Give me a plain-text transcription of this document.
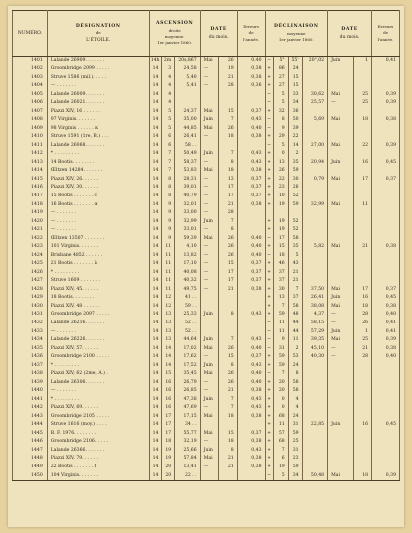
NUMÉRO.	DÉSIGNATION
de
L'ÉTOILE.	ASCENSION
droite
moyenne.
1er janvier 1860.			DATE
du mois.		Erreurs
de
l'année.	DÉCLINAISON
moyenne
1er janvier 1860.				DATE
du mois.		Erreurs
de
l'année.

1401	Lalande 26909. . . . . . .	14h	2m	20s,867	Mai	26	0,40	−	5°	55'	20",02	Juin	1	0,41
1402	Groombridge 2099 . . . . .	14	3	24,58	—	19	0,38	+	86	24				
1403	Struve 1586 (mil.). . . . .	14	4	5,40	—	21	0,38	+	27	15				
1404	— . . . . . . .	14	4	5,41	—	28	0,36	+	27	15				
1405	Lalande 26009. . . . . . .	14	4					−	5	33	30,62	Mai	25	0,39
1406	Lalande 26021. . . . . . .	14	4					−	5	34	25,57	—	25	0,39
1407	Piazzi XIV, 16 . . . . . .	14	5	24,37	Mai	15	0,37	+	32	36				
1408	97 Virginis. . . . . . .	14	5	35,00	Juin	7	0,43	−	8	50	5,69	Mai	18	0,38
1409	98 Virginis . . . . . . κ	14	5	44,85	Mai	26	0,40	−	9	39				
1410	Struve 1591 (1re, B.) . . .	14	6	26,41	—	18	0,38	+	29	22				
1411	Lalande 26068. . . . . . .	14	6	58 . .				−	5	14	27,00	Mai	22	0,39
1412	* . . . . . . . . .	14	7	50,49	Juin	7	0,43	+	0	2				
1413	14 Bootis. . . . . . . .	14	7	58,37	—	8	0,43	+	13	35	20,94	Juin	16	0,45
1414	Œltzen 14284. . . . . . .	14	7	53,83	Mai	18	0,38	+	26	59				
1415	Piazzi XIV, 26. . . . . .	14	8	28,31	—	13	0,37	+	22	30	0,79	Mai	17	0,37
1416	Piazzi XIV, 30. . . . . .	14	8	39,01	—	17	0,37	+	23	26				
1417	15 Bootis . . . . . . . c	14	8	40,79	—	17	0,37	+	10	52				
1418	16 Bootis . . . . . . . α	14	9	32,01	—	21	0,38	+	19	59	32,99	Mai	11	
1419	— . . . . . . .	14	9	33,00	—	28								
1420	— . . . . . . .	14	9	32,99	Juin	7		+	19	52				
1421	— . . . . . . .	14	9	33,01	—	8		+	19	52				
1422	Œltzen 13507 . . . . . . .	14	9	59,39	Mai	26	0,40	−	17	58				
1423	101 Virginis. . . . . . .	14	11	4,10	—	26	0,40	+	15	35	5,82	Mai	21	0,38
1424	Brisbane 4852 . . . . . .	14	11	13,82	—	26	0,40	−	18	5				
1425	21 Bootis . . . . . . . λ	14	11	17,10	—	15	0,37	+	46	43				
1426	* . . . . . . . . .	14	11	40,08	—	17	0,37	+	37	21				
1427	Struve 1609 . . . . . . .	14	11	40,32	—	17	0,37	+	37	21				
1428	Piazzi XIV, 45. . . . . .	14	11	49,75	—	21	0,38	+	30	7	37,50	Mai	17	0,37
1429	18 Bootis. . . . . . . .	14	12	41 . .				+	13	37	26,41	Juin	16	0,45
1430	Piazzi XIV, 48 . . . . . .	14	12	59 . .				+	7	58	38,08	Mai	18	0,38
1431	Groombridge 2097 . . . . .	14	13	25,33	Juin	8	0,43	+	59	48	4,37	—	28	0,40
1432	Lalande 26216. . . . . . .	14	13	52 . .				−	11	44	58,15	—	26	0,41
1433	— . . . . . . .	14	13	52 . .				−	11	44	57,29	Juin	1	0,41
1434	Lalande 26226. . . . . . .	14	13	44,64	Juin	7	0,43	−	9	11	39,35	Mai	25	0,39
1435	Piazzi XIV, 57. . . . . .	14	14	17,02	Mai	26	0,40	−	31	2	45,10	—	21	0,38
1436	Groombridge 2100 . . . . .	14	14	17,62	—	15	0,37	+	59	53	40,30	—	28	0,40
1437	* . . . . . . . . .	14	14	17,52	Juin	8	0,43	+	59	24				
1438	Piazzi XIV, 62 (2me, A.) .	14	15	35,45	Mai	26	0,40	−	7	8				
1439	Lalande 26306. . . . . . .	14	16	26,79	—	26	0,40	+	20	58				
1440	— . . . . . . .	14	16	26,85	—	21	0,38	+	20	58				
1441	* . . . . . . . . .	14	16	47,38	Juin	7	0,43	+	0	4				
1442	Piazzi XIV, 69. . . . . .	14	16	47,69	—	7	0,43	+	0	4				
1443	Groombridge 2105 . . . . .	14	17	17,15	Mai	18	0,38	+	68	24				
1444	Struve 1616 (moy.) . . . .	14	17	34 . .				+	11	31	22,85	Juin	16	0,45
1445	B. F. 1976. . . . . . . .	14	17	55,77	Mai	15	0,37	+	57	59				
1446	Groombridge 2106. . . . .	14	18	32,19	—	18	0,38	+	68	25				
1447	Lalande 26366. . . . . . .	14	19	25,66	Juin	8	0,43	+	7	31				
1448	Piazzi XIV, 79. . . . . .	14	19	57,84	Mai	21	0,38	+	6	23				
1449	22 Bootis . . . . . . . f	14	20	13,41	—	21	0,38	+	19	59				
1450	104 Virginis. . . . . . .	14	20	22 . .				−	5	34	50,48	Mai	18	0,39
